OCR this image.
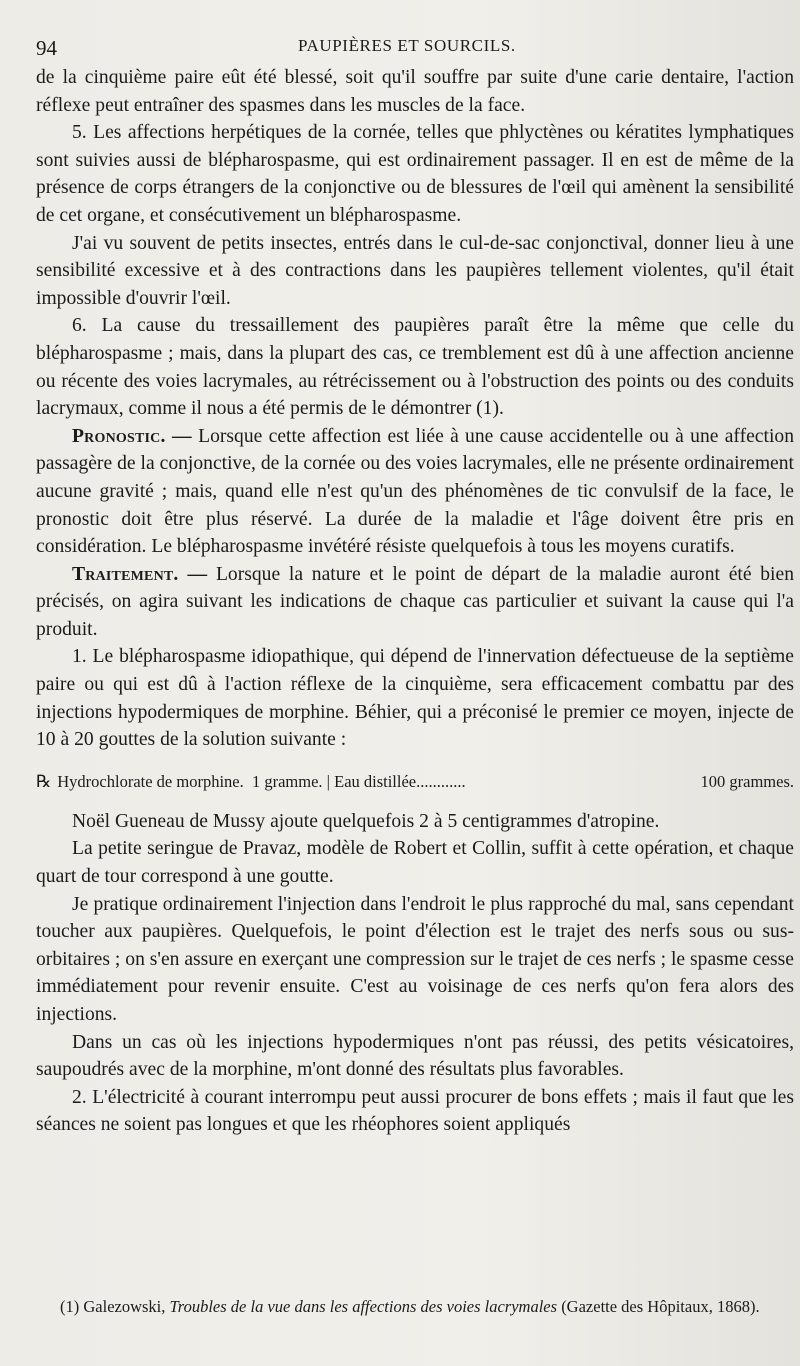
94	PAUPIÈRES ET SOURCILS.

de la cinquième paire eût été blessé, soit qu'il souffre par suite d'une carie dentaire, l'action réflexe peut entraîner des spasmes dans les muscles de la face.

5. Les affections herpétiques de la cornée, telles que phlyctènes ou kératites lymphatiques sont suivies aussi de blépharospasme, qui est ordinairement passager. Il en est de même de la présence de corps étrangers de la conjonctive ou de blessures de l'œil qui amènent la sensibilité de cet organe, et consécutivement un blépharospasme.

J'ai vu souvent de petits insectes, entrés dans le cul-de-sac conjonctival, donner lieu à une sensibilité excessive et à des contractions dans les paupières tellement violentes, qu'il était impossible d'ouvrir l'œil.

6. La cause du tressaillement des paupières paraît être la même que celle du blépharospasme ; mais, dans la plupart des cas, ce tremblement est dû à une affection ancienne ou récente des voies lacrymales, au rétrécissement ou à l'obstruction des points ou des conduits lacrymaux, comme il nous a été permis de le démontrer (1).

Pronostic. — Lorsque cette affection est liée à une cause accidentelle ou à une affection passagère de la conjonctive, de la cornée ou des voies lacrymales, elle ne présente ordinairement aucune gravité ; mais, quand elle n'est qu'un des phénomènes de tic convulsif de la face, le pronostic doit être plus réservé. La durée de la maladie et l'âge doivent être pris en considération. Le blépharospasme invétéré résiste quelquefois à tous les moyens curatifs.

Traitement. — Lorsque la nature et le point de départ de la maladie auront été bien précisés, on agira suivant les indications de chaque cas particulier et suivant la cause qui l'a produit.

1. Le blépharospasme idiopathique, qui dépend de l'innervation défectueuse de la septième paire ou qui est dû à l'action réflexe de la cinquième, sera efficacement combattu par des injections hypodermiques de morphine. Béhier, qui a préconisé le premier ce moyen, injecte de 10 à 20 gouttes de la solution suivante :

℞ Hydrochlorate de morphine.
1 gramme.
|
Eau distillée............	100 grammes.

Noël Gueneau de Mussy ajoute quelquefois 2 à 5 centigrammes d'atropine.

La petite seringue de Pravaz, modèle de Robert et Collin, suffit à cette opération, et chaque quart de tour correspond à une goutte.

Je pratique ordinairement l'injection dans l'endroit le plus rapproché du mal, sans cependant toucher aux paupières. Quelquefois, le point d'élection est le trajet des nerfs sous ou sus-orbitaires ; on s'en assure en exerçant une compression sur le trajet de ces nerfs ; le spasme cesse immédiatement pour revenir ensuite. C'est au voisinage de ces nerfs qu'on fera alors des injections.

Dans un cas où les injections hypodermiques n'ont pas réussi, des petits vésicatoires, saupoudrés avec de la morphine, m'ont donné des résultats plus favorables.

2. L'électricité à courant interrompu peut aussi procurer de bons effets ; mais il faut que les séances ne soient pas longues et que les rhéophores soient appliqués

(1) Galezowski, Troubles de la vue dans les affections des voies lacrymales (Gazette des Hôpitaux, 1868).
